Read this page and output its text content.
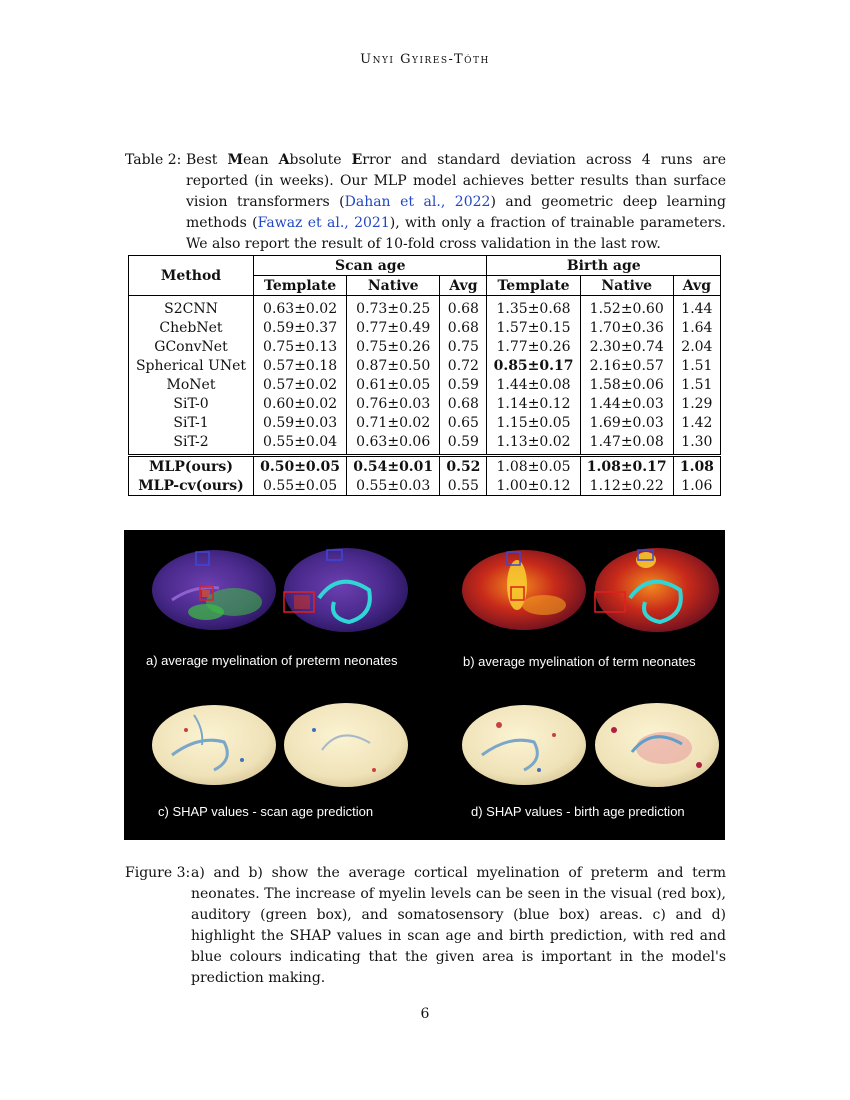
Unyi Gyires-Tóth
Table 2: Best Mean Absolute Error and standard deviation across 4 runs are reported (in weeks). Our MLP model achieves better results than surface vision transformers (Dahan et al., 2022) and geometric deep learning methods (Fawaz et al., 2021), with only a fraction of trainable parameters. We also report the result of 10-fold cross validation in the last row.
Method	Scan age			Birth age		
	Template	Native	Avg	Template	Native	Avg
S2CNN	0.63±0.02	0.73±0.25	0.68	1.35±0.68	1.52±0.60	1.44
ChebNet	0.59±0.37	0.77±0.49	0.68	1.57±0.15	1.70±0.36	1.64
GConvNet	0.75±0.13	0.75±0.26	0.75	1.77±0.26	2.30±0.74	2.04
Spherical UNet	0.57±0.18	0.87±0.50	0.72	0.85±0.17	2.16±0.57	1.51
MoNet	0.57±0.02	0.61±0.05	0.59	1.44±0.08	1.58±0.06	1.51
SiT-0	0.60±0.02	0.76±0.03	0.68	1.14±0.12	1.44±0.03	1.29
SiT-1	0.59±0.03	0.71±0.02	0.65	1.15±0.05	1.69±0.03	1.42
SiT-2	0.55±0.04	0.63±0.06	0.59	1.13±0.02	1.47±0.08	1.30
MLP(ours)	0.50±0.05	0.54±0.01	0.52	1.08±0.05	1.08±0.17	1.08
MLP-cv(ours)	0.55±0.05	0.55±0.03	0.55	1.00±0.12	1.12±0.22	1.06
a) average myelination of preterm neonates	b) average myelination of term neonates
c) SHAP values - scan age prediction	d) SHAP values - birth age prediction
Figure 3: a) and b) show the average cortical myelination of preterm and term neonates. The increase of myelin levels can be seen in the visual (red box), auditory (green box), and somatosensory (blue box) areas. c) and d) highlight the SHAP values in scan age and birth prediction, with red and blue colours indicating that the given area is important in the model's prediction making.
6
